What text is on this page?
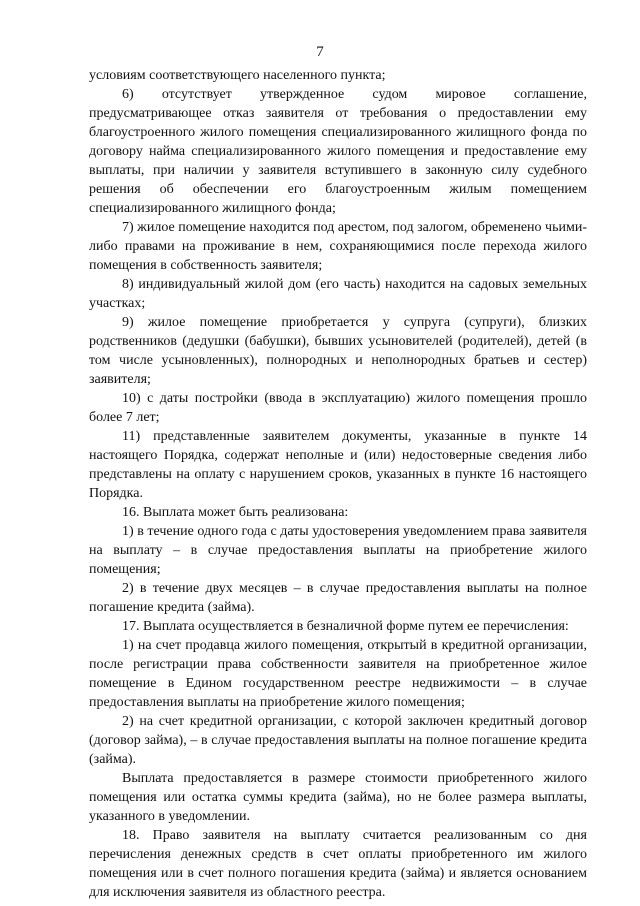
7

условиям соответствующего населенного пункта;

6) отсутствует утвержденное судом мировое соглашение, предусматривающее отказ заявителя от требования о предоставлении ему благоустроенного жилого помещения специализированного жилищного фонда по договору найма специализированного жилого помещения и предоставление ему выплаты, при наличии у заявителя вступившего в законную силу судебного решения об обеспечении его благоустроенным жилым помещением специализированного жилищного фонда;

7) жилое помещение находится под арестом, под залогом, обременено чьими-либо правами на проживание в нем, сохраняющимися после перехода жилого помещения в собственность заявителя;

8) индивидуальный жилой дом (его часть) находится на садовых земельных участках;

9) жилое помещение приобретается у супруга (супруги), близких родственников (дедушки (бабушки), бывших усыновителей (родителей), детей (в том числе усыновленных), полнородных и неполнородных братьев и сестер) заявителя;

10) с даты постройки (ввода в эксплуатацию) жилого помещения прошло более 7 лет;

11) представленные заявителем документы, указанные в пункте 14 настоящего Порядка, содержат неполные и (или) недостоверные сведения либо представлены на оплату с нарушением сроков, указанных в пункте 16 настоящего Порядка.

16. Выплата может быть реализована:

1) в течение одного года с даты удостоверения уведомлением права заявителя на выплату – в случае предоставления выплаты на приобретение жилого помещения;

2) в течение двух месяцев – в случае предоставления выплаты на полное погашение кредита (займа).

17. Выплата осуществляется в безналичной форме путем ее перечисления:

1) на счет продавца жилого помещения, открытый в кредитной организации, после регистрации права собственности заявителя на приобретенное жилое помещение в Едином государственном реестре недвижимости – в случае предоставления выплаты на приобретение жилого помещения;

2) на счет кредитной организации, с которой заключен кредитный договор (договор займа), – в случае предоставления выплаты на полное погашение кредита (займа).

Выплата предоставляется в размере стоимости приобретенного жилого помещения или остатка суммы кредита (займа), но не более размера выплаты, указанного в уведомлении.

18. Право заявителя на выплату считается реализованным со дня перечисления денежных средств в счет оплаты приобретенного им жилого помещения или в счет полного погашения кредита (займа) и является основанием для исключения заявителя из областного реестра.
